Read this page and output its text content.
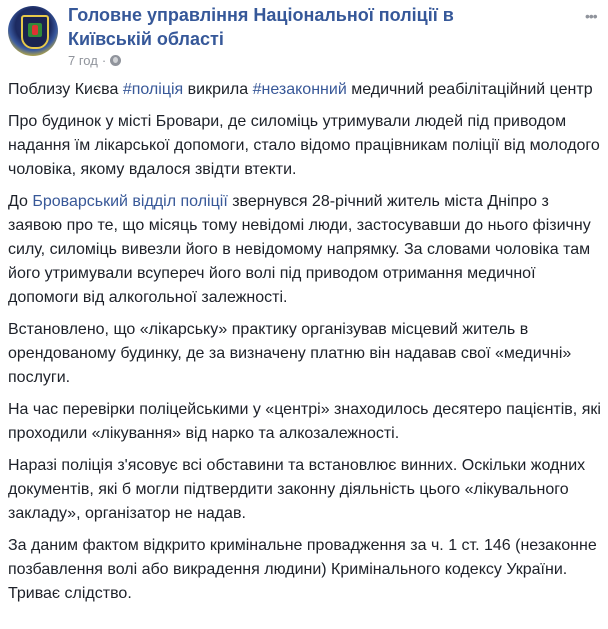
Головне управління Національної поліції в Київській області
7 год ·
•••

Поблизу Києва #поліція викрила #незаконний медичний реабілітаційний центр

Про будинок у місті Бровари, де силоміць утримували людей під приводом надання їм лікарської допомоги, стало відомо працівникам поліції від молодого чоловіка, якому вдалося звідти втекти.

До Броварський відділ поліції звернувся 28-річний житель міста Дніпро з заявою про те, що місяць тому невідомі люди, застосувавши до нього фізичну силу, силоміць вивезли його в невідомому напрямку. За словами чоловіка там його утримували всупереч його волі під приводом отримання медичної допомоги від алкогольної залежності.

Встановлено, що «лікарську» практику організував місцевий житель в орендованому будинку, де за визначену платню він надавав свої «медичні» послуги.

На час перевірки поліцейськими у «центрі» знаходилось десятеро пацієнтів, які проходили «лікування» від нарко та алкозалежності.

Наразі поліція з'ясовує всі обставини та встановлює винних. Оскільки жодних документів, які б могли підтвердити законну діяльність цього «лікувального закладу», організатор не надав.

За даним фактом відкрито кримінальне провадження за ч. 1 ст. 146 (незаконне позбавлення волі або викрадення людини) Кримінального кодексу України. Триває слідство.
